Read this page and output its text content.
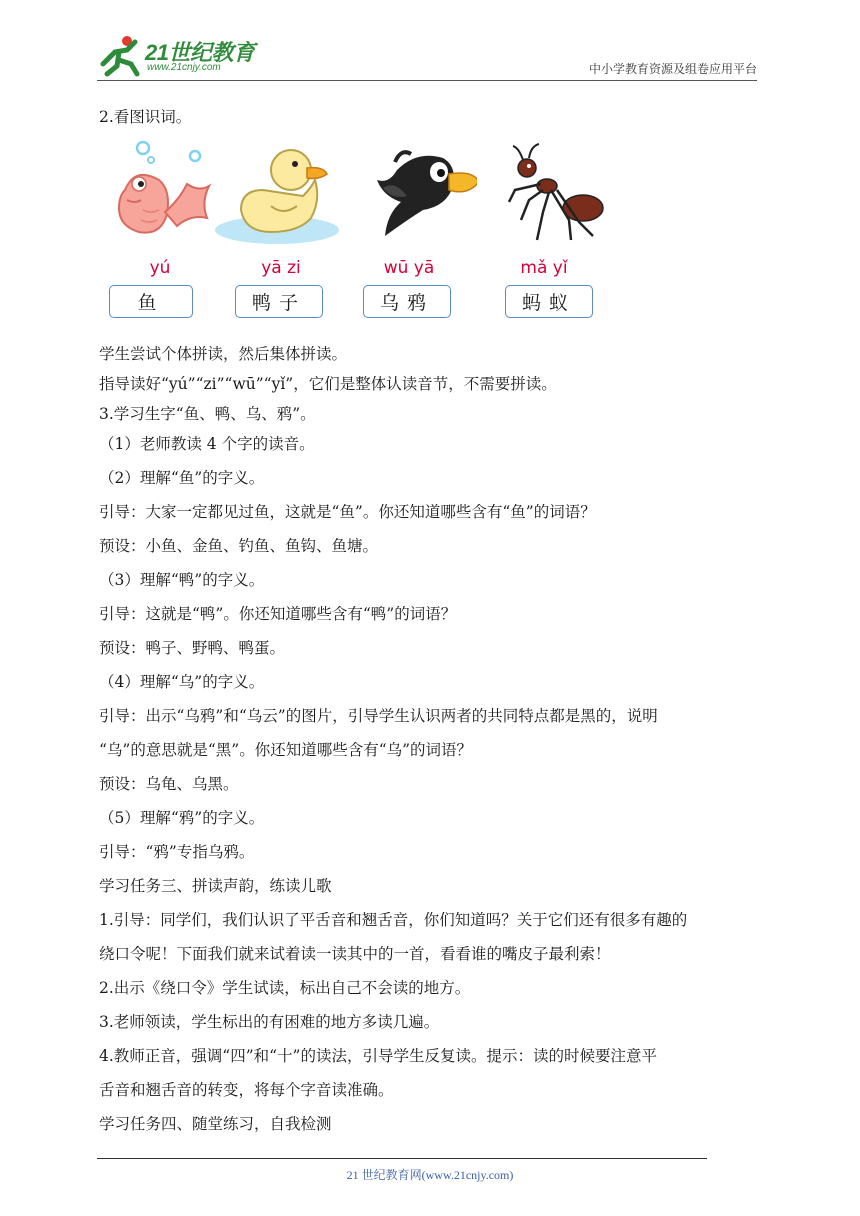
21世纪教育
www.21cnjy.com	中小学教育资源及组卷应用平台
2.看图识词。
yú	yā zi	wū yā	mǎ yǐ
鱼	鸭子	乌鸦	蚂蚁
学生尝试个体拼读，然后集体拼读。
指导读好“yú”“zi”“wū”“yǐ”，它们是整体认读音节，不需要拼读。
3.学习生字“鱼、鸭、乌、鸦”。
（1）老师教读 4 个字的读音。
（2）理解“鱼”的字义。
引导：大家一定都见过鱼，这就是“鱼”。你还知道哪些含有“鱼”的词语？
预设：小鱼、金鱼、钓鱼、鱼钩、鱼塘。
（3）理解“鸭”的字义。
引导：这就是“鸭”。你还知道哪些含有“鸭”的词语？
预设：鸭子、野鸭、鸭蛋。
（4）理解“乌”的字义。
引导：出示“乌鸦”和“乌云”的图片，引导学生认识两者的共同特点都是黑的，说明
“乌”的意思就是“黑”。你还知道哪些含有“乌”的词语？
预设：乌龟、乌黑。
（5）理解“鸦”的字义。
引导：“鸦”专指乌鸦。
学习任务三、拼读声韵，练读儿歌
1.引导：同学们，我们认识了平舌音和翘舌音，你们知道吗？关于它们还有很多有趣的
绕口令呢！下面我们就来试着读一读其中的一首，看看谁的嘴皮子最利索！
2.出示《绕口令》学生试读，标出自己不会读的地方。
3.老师领读，学生标出的有困难的地方多读几遍。
4.教师正音，强调“四”和“十”的读法，引导学生反复读。提示：读的时候要注意平
舌音和翘舌音的转变，将每个字音读准确。
学习任务四、随堂练习，自我检测
21 世纪教育网(www.21cnjy.com)
